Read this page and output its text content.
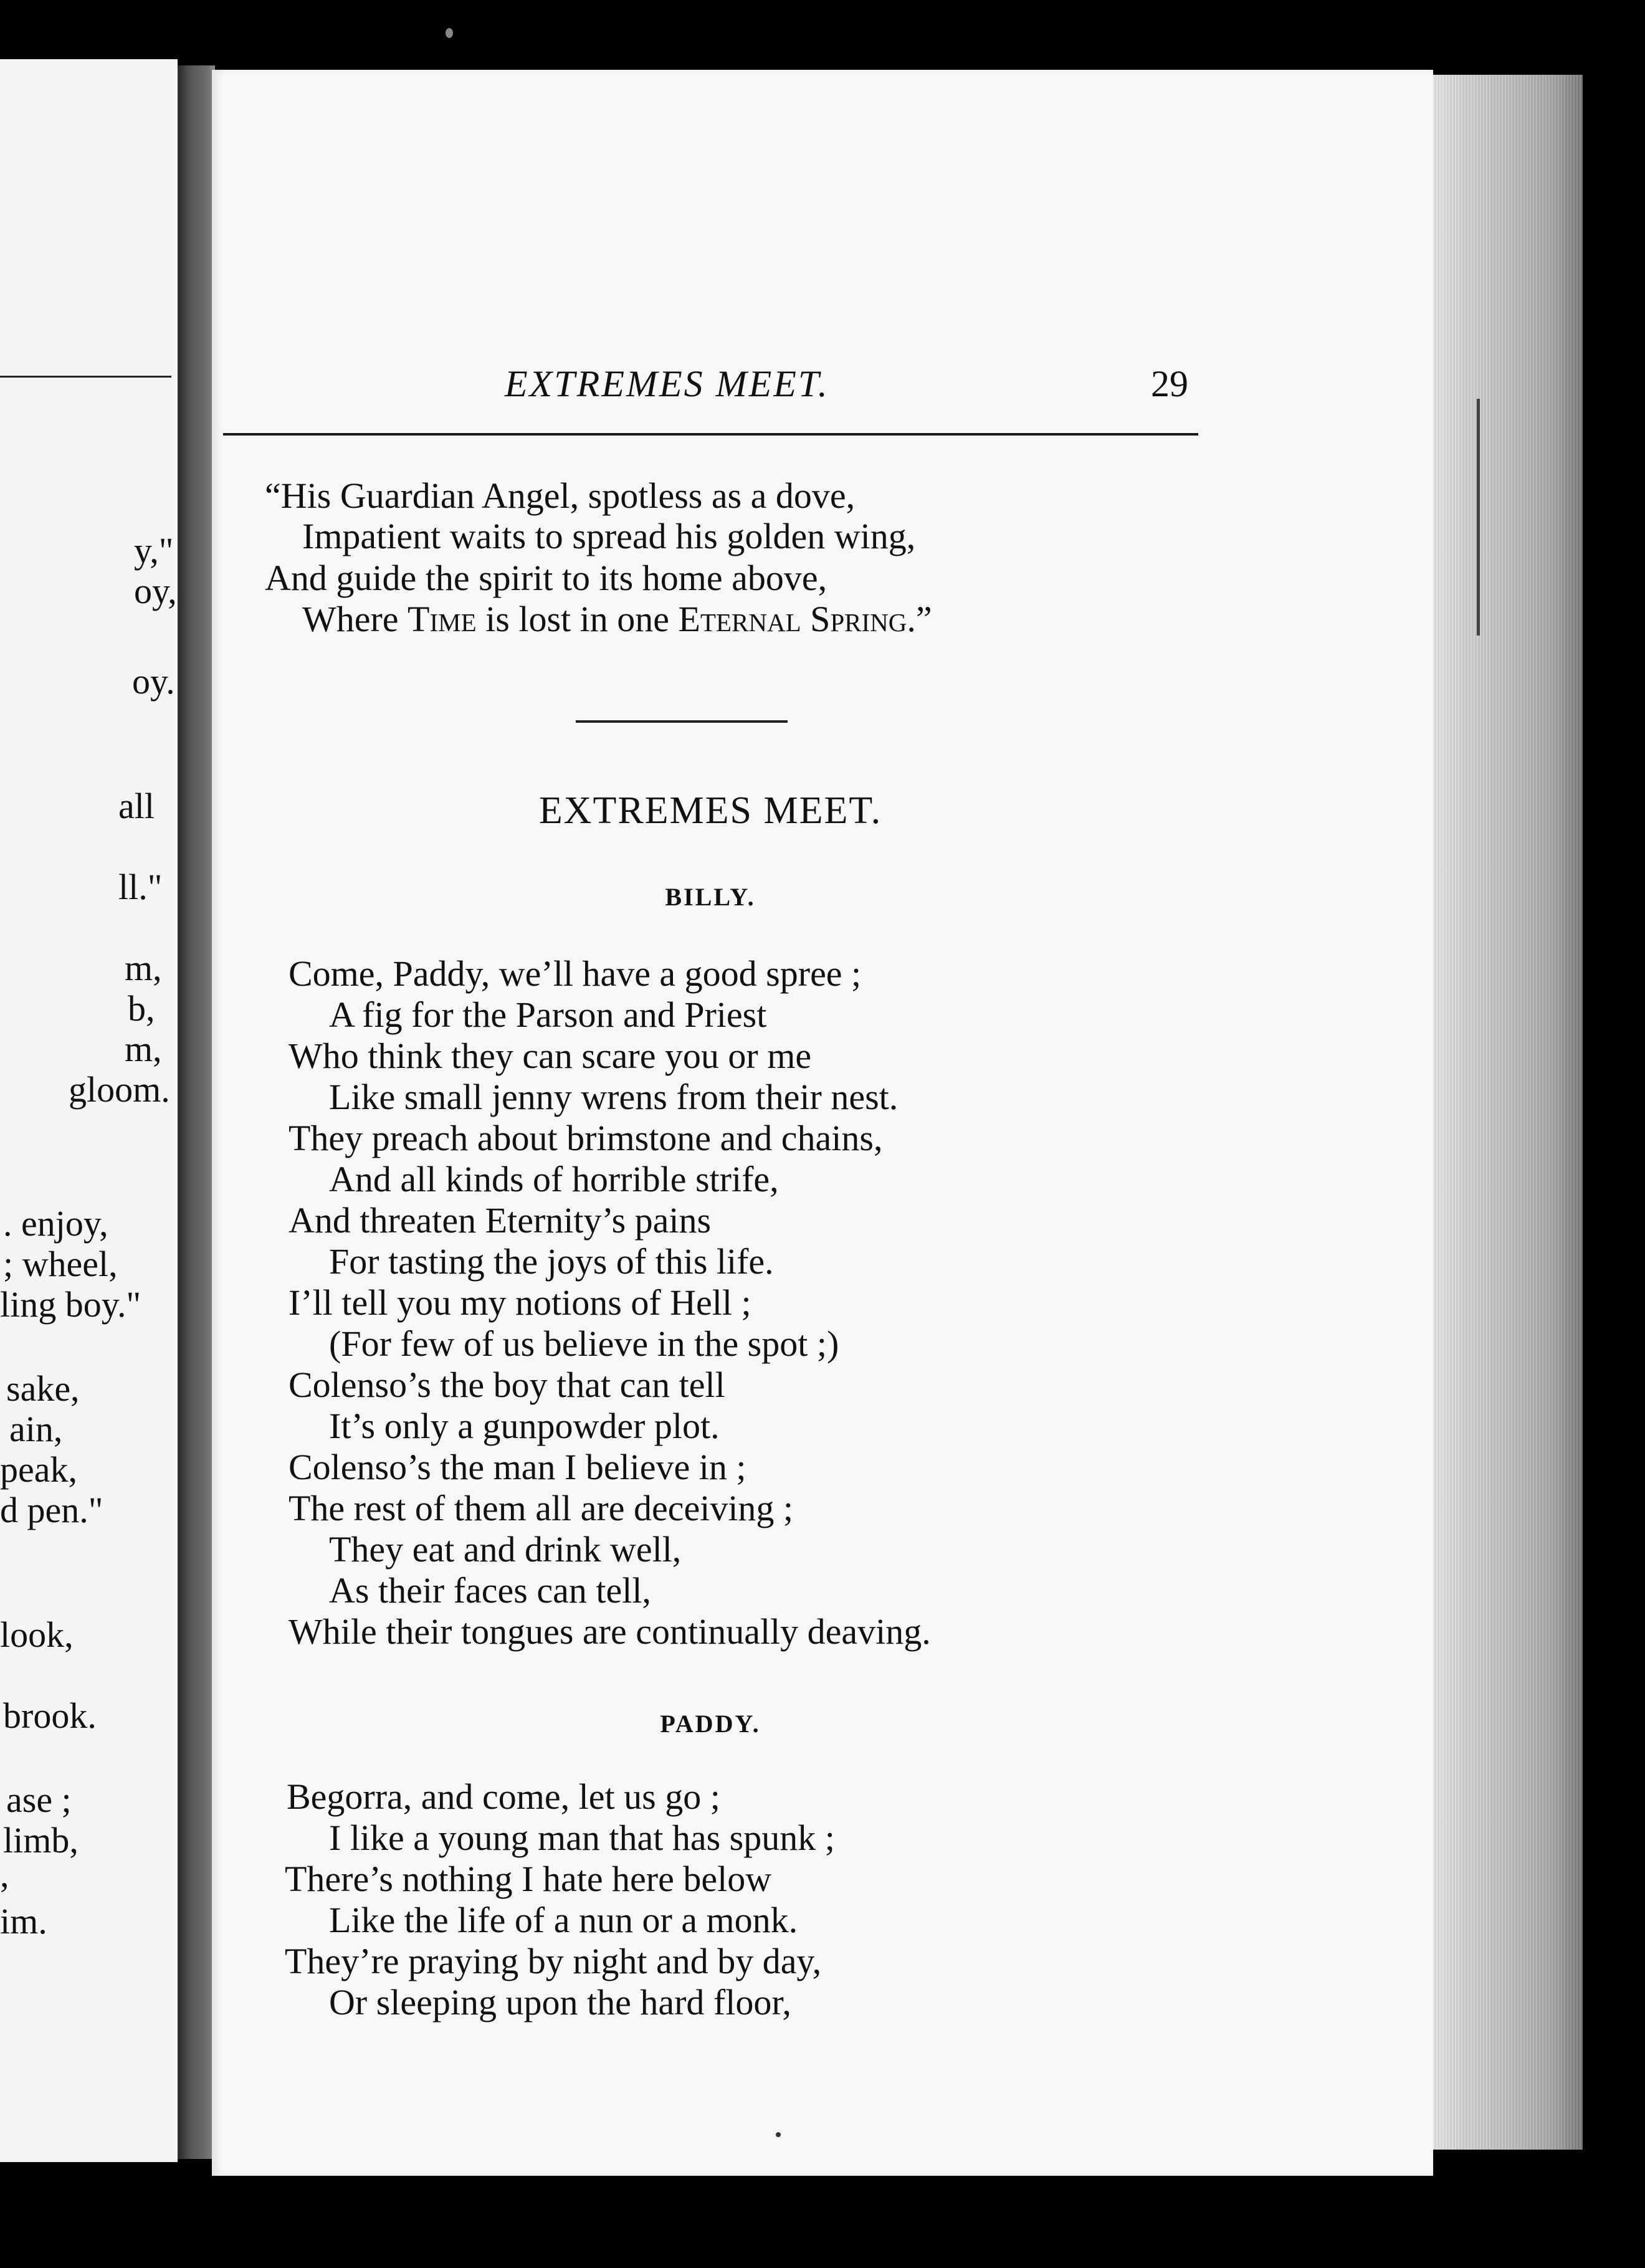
y,"
oy,
oy.
all
ll."
m,
b,
m,
gloom.
. enjoy,
; wheel,
ling boy."
sake,
ain,
peak,
d pen."
look,
brook.
ase ;
limb,
,
im.
EXTREMES MEET.	29
“His Guardian Angel, spotless as a dove,
Impatient waits to spread his golden wing,
And guide the spirit to its home above,
Where Time is lost in one Eternal Spring.”
EXTREMES MEET.
BILLY.
Come, Paddy, we’ll have a good spree ;
A fig for the Parson and Priest
Who think they can scare you or me
Like small jenny wrens from their nest.
They preach about brimstone and chains,
And all kinds of horrible strife,
And threaten Eternity’s pains
For tasting the joys of this life.
I’ll tell you my notions of Hell ;
(For few of us believe in the spot ;)
Colenso’s the boy that can tell
It’s only a gunpowder plot.
Colenso’s the man I believe in ;
The rest of them all are deceiving ;
They eat and drink well,
As their faces can tell,
While their tongues are continually deaving.
PADDY.
Begorra, and come, let us go ;
I like a young man that has spunk ;
There’s nothing I hate here below
Like the life of a nun or a monk.
They’re praying by night and by day,
Or sleeping upon the hard floor,
